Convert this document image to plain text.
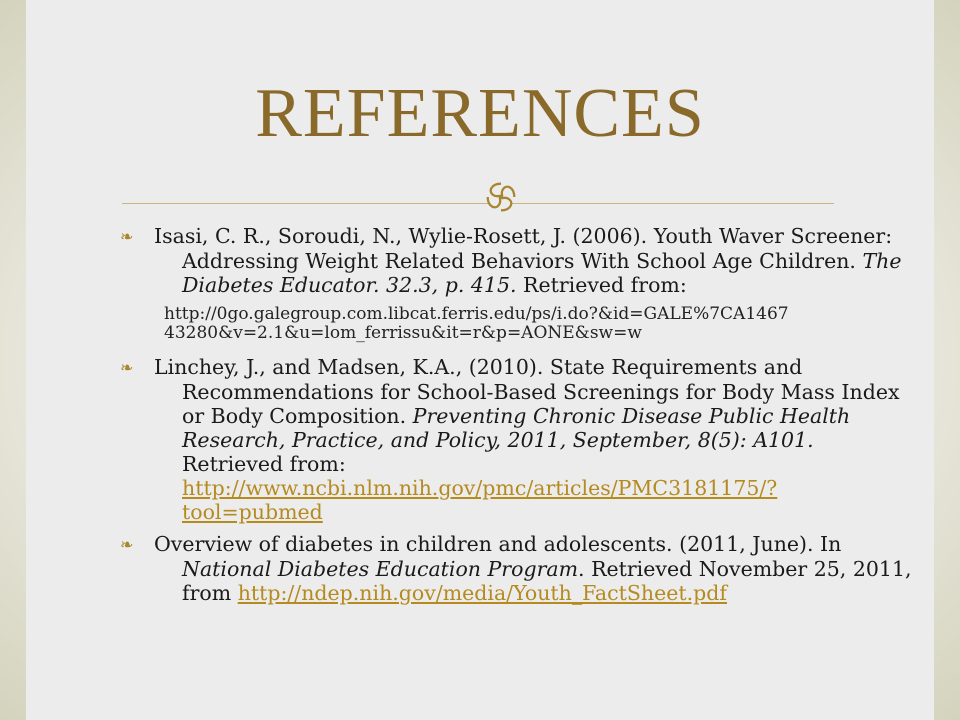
REFERENCES

❧ Isasi, C. R., Soroudi, N., Wylie-Rosett, J. (2006). Youth Waver Screener: Addressing Weight Related Behaviors With School Age Children. The Diabetes Educator. 32.3, p. 415. Retrieved from:

http://0go.galegroup.com.libcat.ferris.edu/ps/i.do?&id=GALE%7CA1467
43280&v=2.1&u=lom_ferrissu&it=r&p=AONE&sw=w

❧ Linchey, J., and Madsen, K.A., (2010). State Requirements and Recommendations for School-Based Screenings for Body Mass Index or Body Composition. Preventing Chronic Disease Public Health Research, Practice, and Policy, 2011, September, 8(5): A101. Retrieved from: http://www.ncbi.nlm.nih.gov/pmc/articles/PMC3181175/?tool=pubmed

❧ Overview of diabetes in children and adolescents. (2011, June). In National Diabetes Education Program. Retrieved November 25, 2011, from http://ndep.nih.gov/media/Youth_FactSheet.pdf
